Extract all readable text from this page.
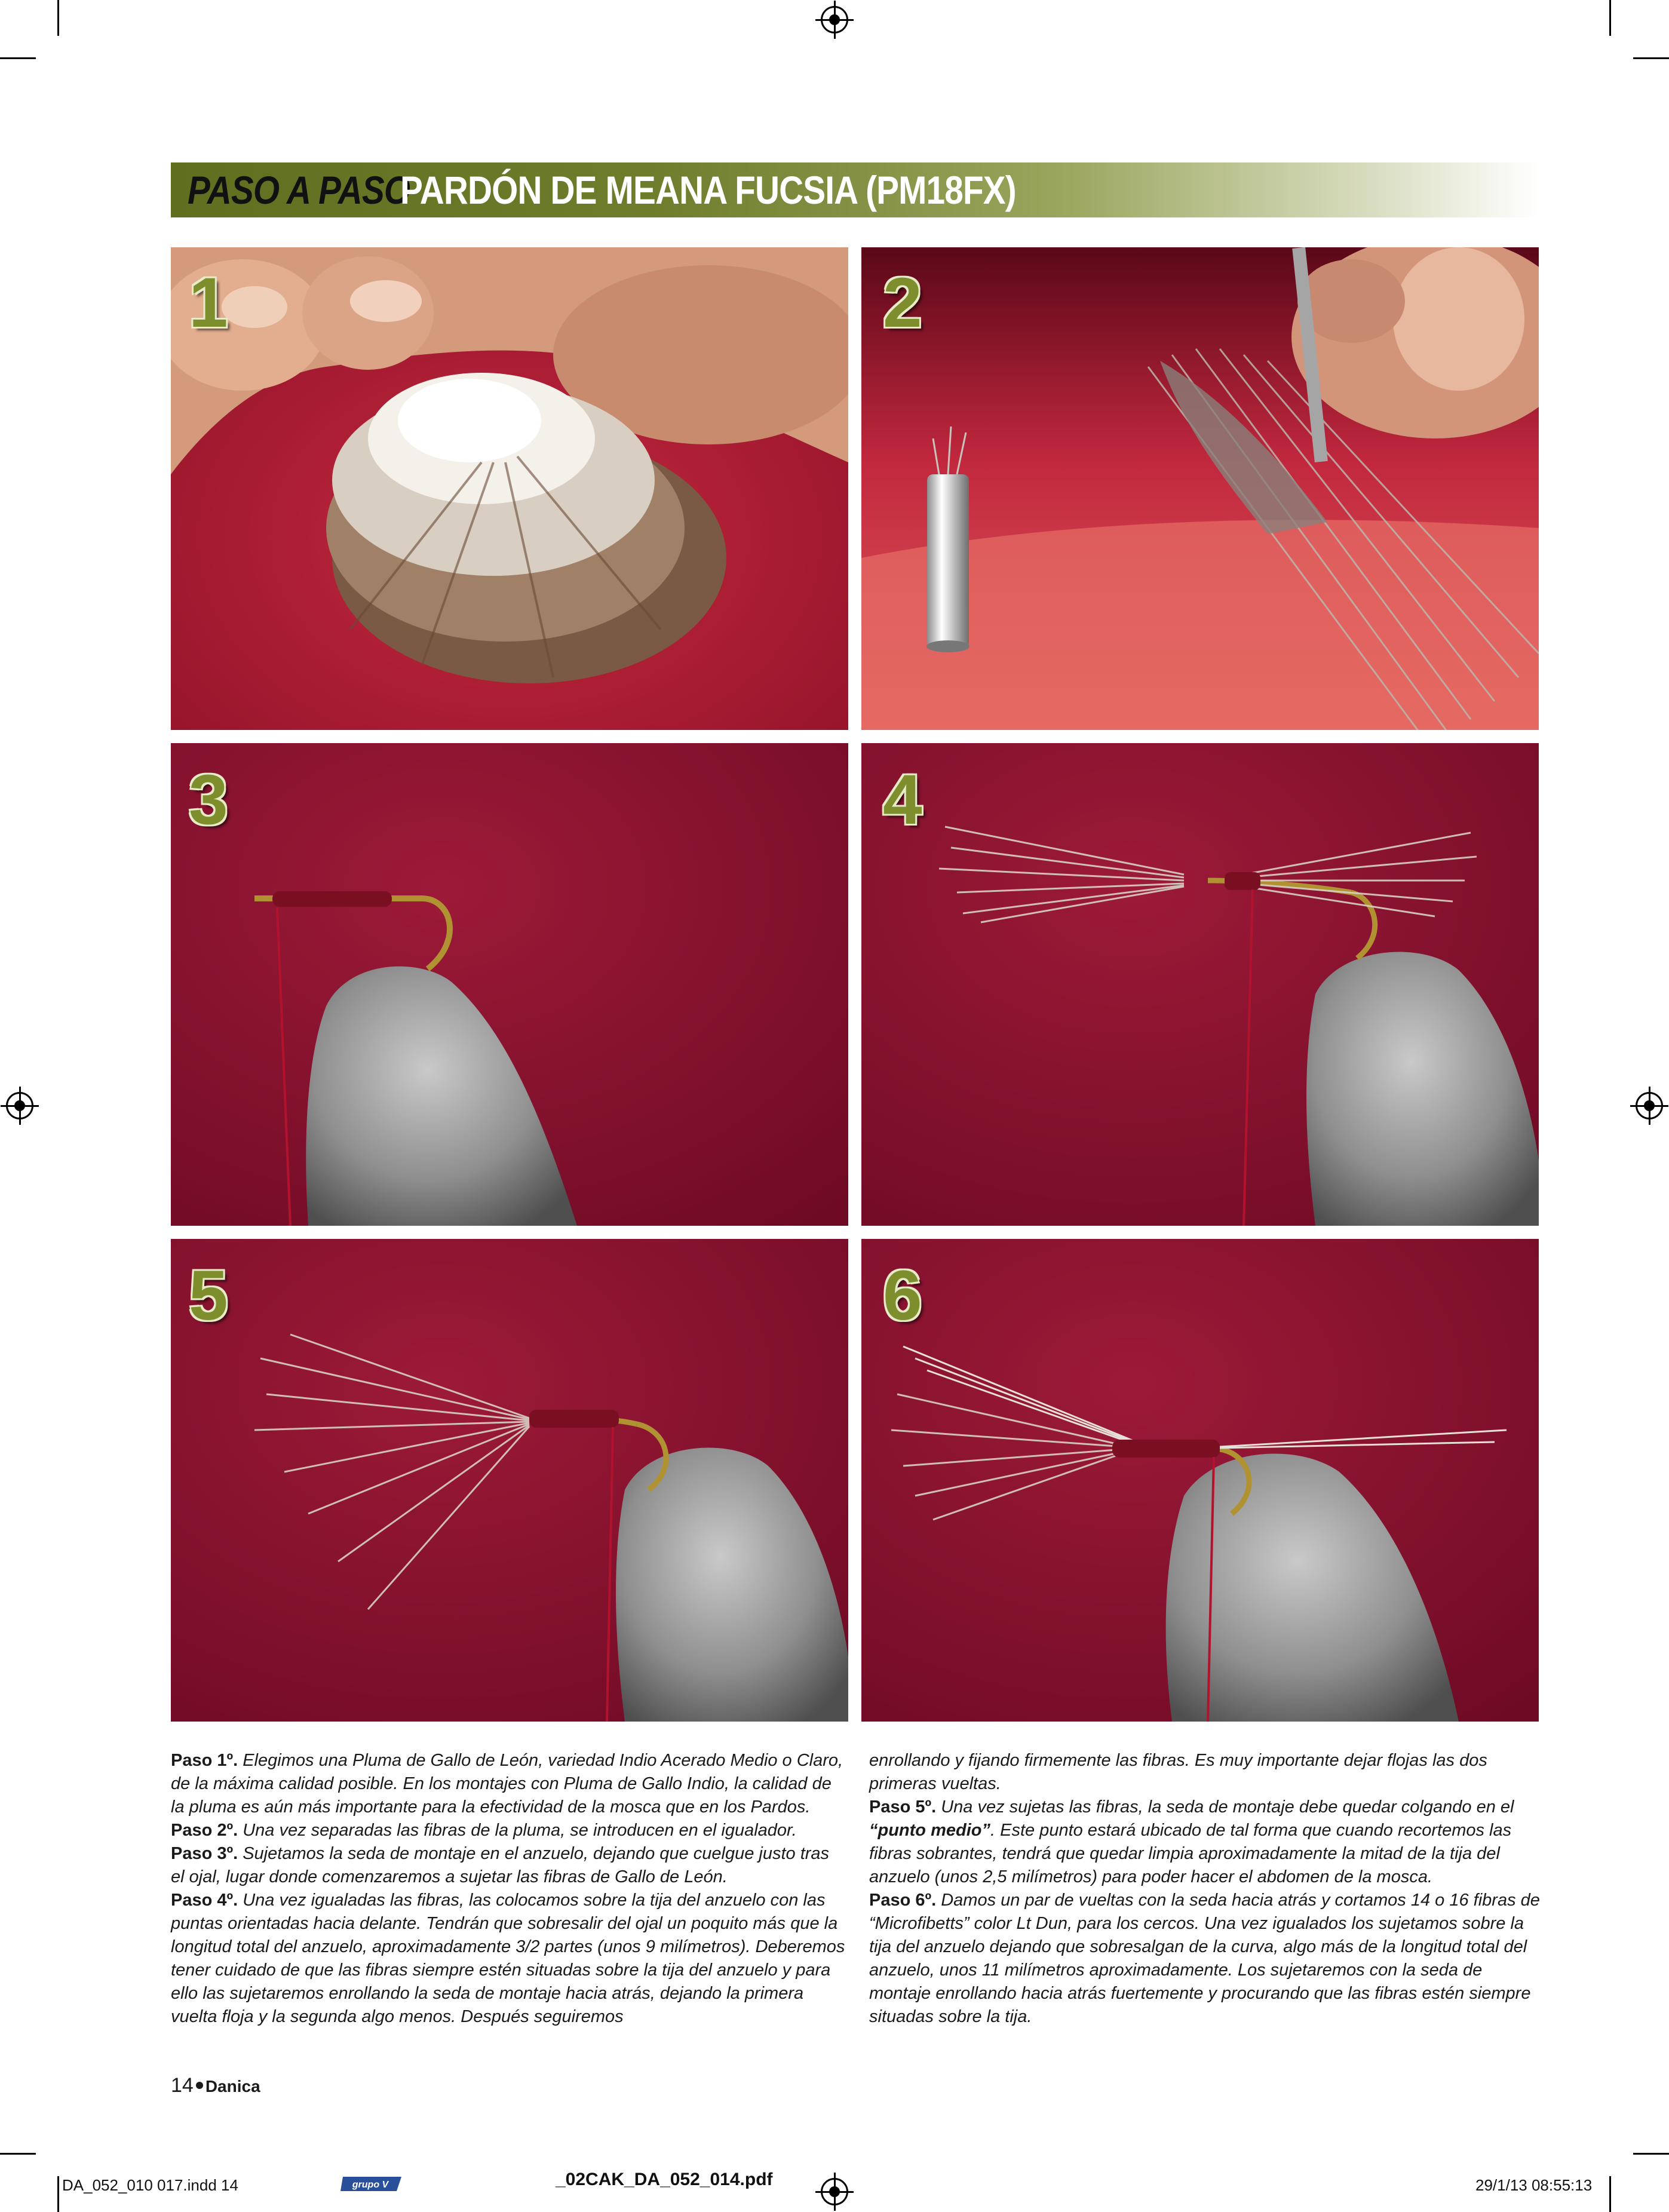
PASO A PASO
PARDÓN DE MEANA FUCSIA (PM18FX)
1	2
3	4
5	6

Paso 1º. Elegimos una Pluma de Gallo de León, variedad Indio Acerado Medio o Claro, de la máxima calidad posible. En los montajes con Pluma de Gallo Indio, la calidad de la pluma es aún más importante para la efectividad de la mosca que en los Pardos.

Paso 2º. Una vez separadas las fibras de la pluma, se introducen en el igualador.

Paso 3º. Sujetamos la seda de montaje en el anzuelo, dejando que cuelgue justo tras el ojal, lugar donde comenzaremos a sujetar las fibras de Gallo de León.

Paso 4º. Una vez igualadas las fibras, las colocamos sobre la tija del anzuelo con las puntas orientadas hacia delante. Tendrán que sobresalir del ojal un poquito más que la longitud total del anzuelo, aproximadamente 3/2 partes (unos 9 milímetros). Deberemos tener cuidado de que las fibras siempre estén situadas sobre la tija del anzuelo y para ello las sujetaremos enrollando la seda de montaje hacia atrás, dejando la primera vuelta floja y la segunda algo menos. Después seguiremos

enrollando y fijando firmemente las fibras. Es muy importante dejar flojas las dos primeras vueltas.

Paso 5º. Una vez sujetas las fibras, la seda de montaje debe quedar colgando en el “punto medio”. Este punto estará ubicado de tal forma que cuando recortemos las fibras sobrantes, tendrá que quedar limpia aproximadamente la mitad de la tija del anzuelo (unos 2,5 milímetros) para poder hacer el abdomen de la mosca.

Paso 6º. Damos un par de vueltas con la seda hacia atrás y cortamos 14 o 16 fibras de “Microfibetts” color Lt Dun, para los cercos. Una vez igualados los sujetamos sobre la tija del anzuelo dejando que sobresalgan de la curva, algo más de la longitud total del anzuelo, unos 11 milímetros aproximadamente. Los sujetaremos con la seda de montaje enrollando hacia atrás fuertemente y procurando que las fibras estén siempre situadas sobre la tija.

14 Danica
DA_052_010 017.indd 14	grupo V	_02CAK_DA_052_014.pdf	29/1/13 08:55:13
